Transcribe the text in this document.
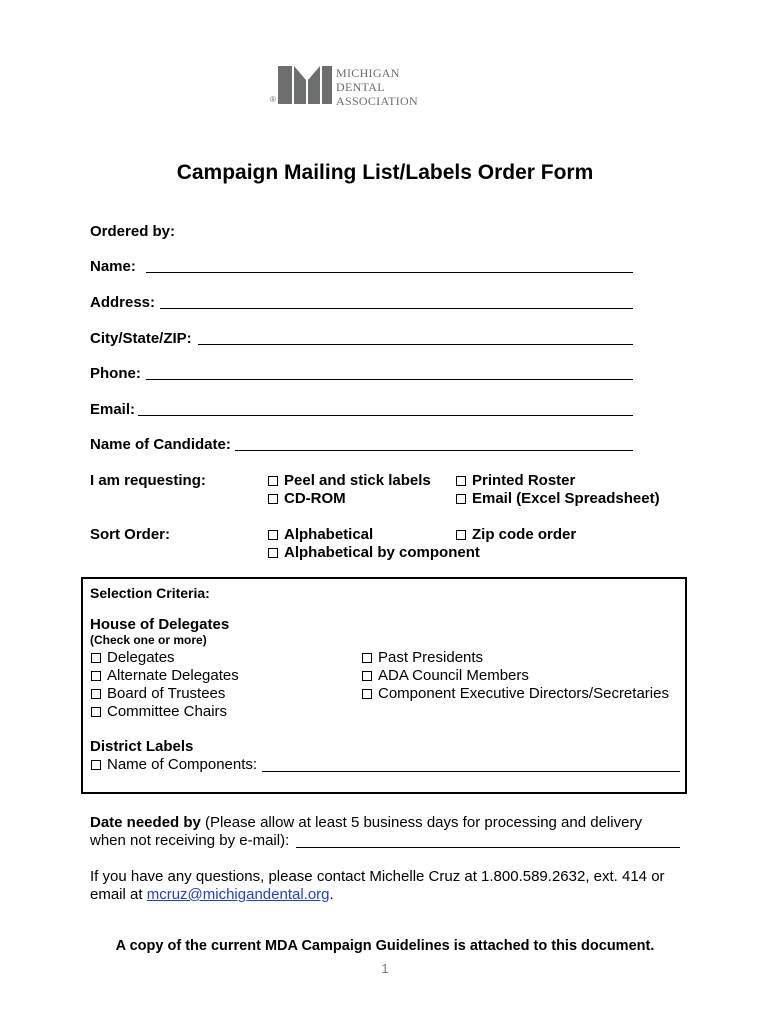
®
MICHIGAN
DENTAL
ASSOCIATION
Campaign Mailing List/Labels Order Form
Ordered by:
Name:
Address:
City/State/ZIP:
Phone:
Email:
Name of Candidate:
I am requesting:	Peel and stick labels	Printed Roster
CD-ROM	Email (Excel Spreadsheet)
Sort Order:	Alphabetical	Zip code order
Alphabetical by component
Selection Criteria:
House of Delegates
(Check one or more)
Delegates
Alternate Delegates
Board of Trustees
Committee Chairs
Past Presidents
ADA Council Members
Component Executive Directors/Secretaries
District Labels
Name of Components:
Date needed by (Please allow at least 5 business days for processing and delivery
when not receiving by e-mail):
If you have any questions, please contact Michelle Cruz at 1.800.589.2632, ext. 414 or
email at mcruz@michigandental.org.
A copy of the current MDA Campaign Guidelines is attached to this document.
1
